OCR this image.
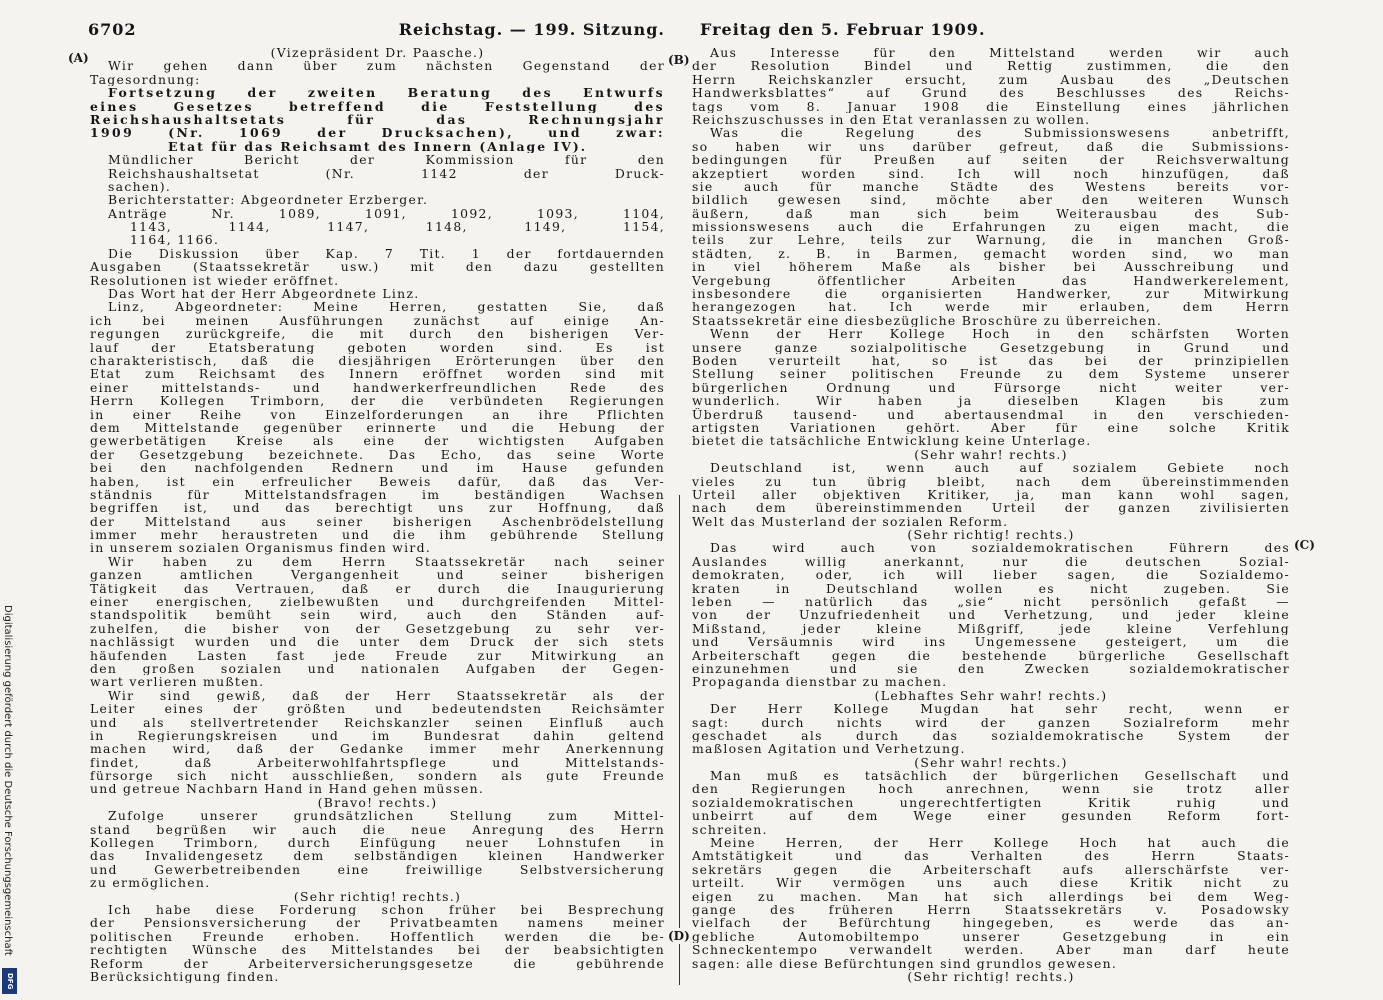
6702	Reichstag. — 199. Sitzung. Freitag den 5. Februar 1909.
(Vizepräsident Dr. Paasche.)
Wir gehen dann über zum nächsten Gegenstand der
Tagesordnung:
Fortsetzung der zweiten Beratung des Entwurfs
eines Gesetzes betreffend die Feststellung des
Reichshaushaltsetats für das Rechnungsjahr
1909 (Nr. 1069 der Drucksachen), und zwar:
Etat für das Reichsamt des Innern (Anlage IV).
Mündlicher Bericht der Kommission für den
Reichshaushaltsetat (Nr. 1142 der Druck-
sachen).
Berichterstatter: Abgeordneter Erzberger.
Anträge Nr. 1089, 1091, 1092, 1093, 1104,
1143, 1144, 1147, 1148, 1149, 1154,
1164, 1166.
Die Diskussion über Kap. 7 Tit. 1 der fortdauernden
Ausgaben (Staatssekretär usw.) mit den dazu gestellten
Resolutionen ist wieder eröffnet.
Das Wort hat der Herr Abgeordnete Linz.
Linz, Abgeordneter: Meine Herren, gestatten Sie, daß
ich bei meinen Ausführungen zunächst auf einige An-
regungen zurückgreife, die mit durch den bisherigen Ver-
lauf der Etatsberatung geboten worden sind. Es ist
charakteristisch, daß die diesjährigen Erörterungen über den
Etat zum Reichsamt des Innern eröffnet worden sind mit
einer mittelstands- und handwerkerfreundlichen Rede des
Herrn Kollegen Trimborn, der die verbündeten Regierungen
in einer Reihe von Einzelforderungen an ihre Pflichten
dem Mittelstande gegenüber erinnerte und die Hebung der
gewerbetätigen Kreise als eine der wichtigsten Aufgaben
der Gesetzgebung bezeichnete. Das Echo, das seine Worte
bei den nachfolgenden Rednern und im Hause gefunden
haben, ist ein erfreulicher Beweis dafür, daß das Ver-
ständnis für Mittelstandsfragen im beständigen Wachsen
begriffen ist, und das berechtigt uns zur Hoffnung, daß
der Mittelstand aus seiner bisherigen Aschenbrödelstellung
immer mehr heraustreten und die ihm gebührende Stellung
in unserem sozialen Organismus finden wird.
Wir haben zu dem Herrn Staatssekretär nach seiner
ganzen amtlichen Vergangenheit und seiner bisherigen
Tätigkeit das Vertrauen, daß er durch die Inaugurierung
einer energischen, zielbewußten und durchgreifenden Mittel-
standspolitik bemüht sein wird, auch den Ständen auf-
zuhelfen, die bisher von der Gesetzgebung zu sehr ver-
nachlässigt wurden und die unter dem Druck der sich stets
häufenden Lasten fast jede Freude zur Mitwirkung an
den großen sozialen und nationalen Aufgaben der Gegen-
wart verlieren mußten.
Wir sind gewiß, daß der Herr Staatssekretär als der
Leiter eines der größten und bedeutendsten Reichsämter
und als stellvertretender Reichskanzler seinen Einfluß auch
in Regierungskreisen und im Bundesrat dahin geltend
machen wird, daß der Gedanke immer mehr Anerkennung
findet, daß Arbeiterwohlfahrtspflege und Mittelstands-
fürsorge sich nicht ausschließen, sondern als gute Freunde
und getreue Nachbarn Hand in Hand gehen müssen.
(Bravo! rechts.)
Zufolge unserer grundsätzlichen Stellung zum Mittel-
stand begrüßen wir auch die neue Anregung des Herrn
Kollegen Trimborn, durch Einfügung neuer Lohnstufen in
das Invalidengesetz dem selbständigen kleinen Handwerker
und Gewerbetreibenden eine freiwillige Selbstversicherung
zu ermöglichen.
(Sehr richtig! rechts.)
Ich habe diese Forderung schon früher bei Besprechung
der Pensionsversicherung der Privatbeamten namens meiner
politischen Freunde erhoben. Hoffentlich werden die be-
rechtigten Wünsche des Mittelstandes bei der beabsichtigten
Reform der Arbeiterversicherungsgesetze die gebührende
Berücksichtigung finden.
Aus Interesse für den Mittelstand werden wir auch
der Resolution Bindel und Rettig zustimmen, die den
Herrn Reichskanzler ersucht, zum Ausbau des „Deutschen
Handwerksblattes“ auf Grund des Beschlusses des Reichs-
tags vom 8. Januar 1908 die Einstellung eines jährlichen
Reichszuschusses in den Etat veranlassen zu wollen.
Was die Regelung des Submissionswesens anbetrifft,
so haben wir uns darüber gefreut, daß die Submissions-
bedingungen für Preußen auf seiten der Reichsverwaltung
akzeptiert worden sind. Ich will noch hinzufügen, daß
sie auch für manche Städte des Westens bereits vor-
bildlich gewesen sind, möchte aber den weiteren Wunsch
äußern, daß man sich beim Weiterausbau des Sub-
missionswesens auch die Erfahrungen zu eigen macht, die
teils zur Lehre, teils zur Warnung, die in manchen Groß-
städten, z. B. in Barmen, gemacht worden sind, wo man
in viel höherem Maße als bisher bei Ausschreibung und
Vergebung öffentlicher Arbeiten das Handwerkerelement,
insbesondere die organisierten Handwerker, zur Mitwirkung
herangezogen hat. Ich werde mir erlauben, dem Herrn
Staatssekretär eine diesbezügliche Broschüre zu überreichen.
Wenn der Herr Kollege Hoch in den schärfsten Worten
unsere ganze sozialpolitische Gesetzgebung in Grund und
Boden verurteilt hat, so ist das bei der prinzipiellen
Stellung seiner politischen Freunde zu dem Systeme unserer
bürgerlichen Ordnung und Fürsorge nicht weiter ver-
wunderlich. Wir haben ja dieselben Klagen bis zum
Überdruß tausend- und abertausendmal in den verschieden-
artigsten Variationen gehört. Aber für eine solche Kritik
bietet die tatsächliche Entwicklung keine Unterlage.
(Sehr wahr! rechts.)
Deutschland ist, wenn auch auf sozialem Gebiete noch
vieles zu tun übrig bleibt, nach dem übereinstimmenden
Urteil aller objektiven Kritiker, ja, man kann wohl sagen,
nach dem übereinstimmenden Urteil der ganzen zivilisierten
Welt das Musterland der sozialen Reform.
(Sehr richtig! rechts.)
Das wird auch von sozialdemokratischen Führern des
Auslandes willig anerkannt, nur die deutschen Sozial-
demokraten, oder, ich will lieber sagen, die Sozialdemo-
kraten in Deutschland wollen es nicht zugeben. Sie
leben — natürlich das „sie“ nicht persönlich gefaßt —
von der Unzufriedenheit und Verhetzung, und jeder kleine
Mißstand, jeder kleine Mißgriff, jede kleine Verfehlung
und Versäumnis wird ins Ungemessene gesteigert, um die
Arbeiterschaft gegen die bestehende bürgerliche Gesellschaft
einzunehmen und sie den Zwecken sozialdemokratischer
Propaganda dienstbar zu machen.
(Lebhaftes Sehr wahr! rechts.)
Der Herr Kollege Mugdan hat sehr recht, wenn er
sagt: durch nichts wird der ganzen Sozialreform mehr
geschadet als durch das sozialdemokratische System der
maßlosen Agitation und Verhetzung.
(Sehr wahr! rechts.)
Man muß es tatsächlich der bürgerlichen Gesellschaft und
den Regierungen hoch anrechnen, wenn sie trotz aller
sozialdemokratischen ungerechtfertigten Kritik ruhig und
unbeirrt auf dem Wege einer gesunden Reform fort-
schreiten.
Meine Herren, der Herr Kollege Hoch hat auch die
Amtstätigkeit und das Verhalten des Herrn Staats-
sekretärs gegen die Arbeiterschaft aufs allerschärfste ver-
urteilt. Wir vermögen uns auch diese Kritik nicht zu
eigen zu machen. Man hat sich allerdings bei dem Weg-
gange des früheren Herrn Staatssekretärs v. Posadowsky
vielfach der Befürchtung hingegeben, es werde das an-
gebliche Automobiltempo unserer Gesetzgebung in ein
Schneckentempo verwandelt werden. Aber man darf heute
sagen: alle diese Befürchtungen sind grundlos gewesen.
(Sehr richtig! rechts.)
(A)	(B)
(C)
(D)
Digitalisierung gefördert durch die Deutsche Forschungsgemeinschaft
DFG
